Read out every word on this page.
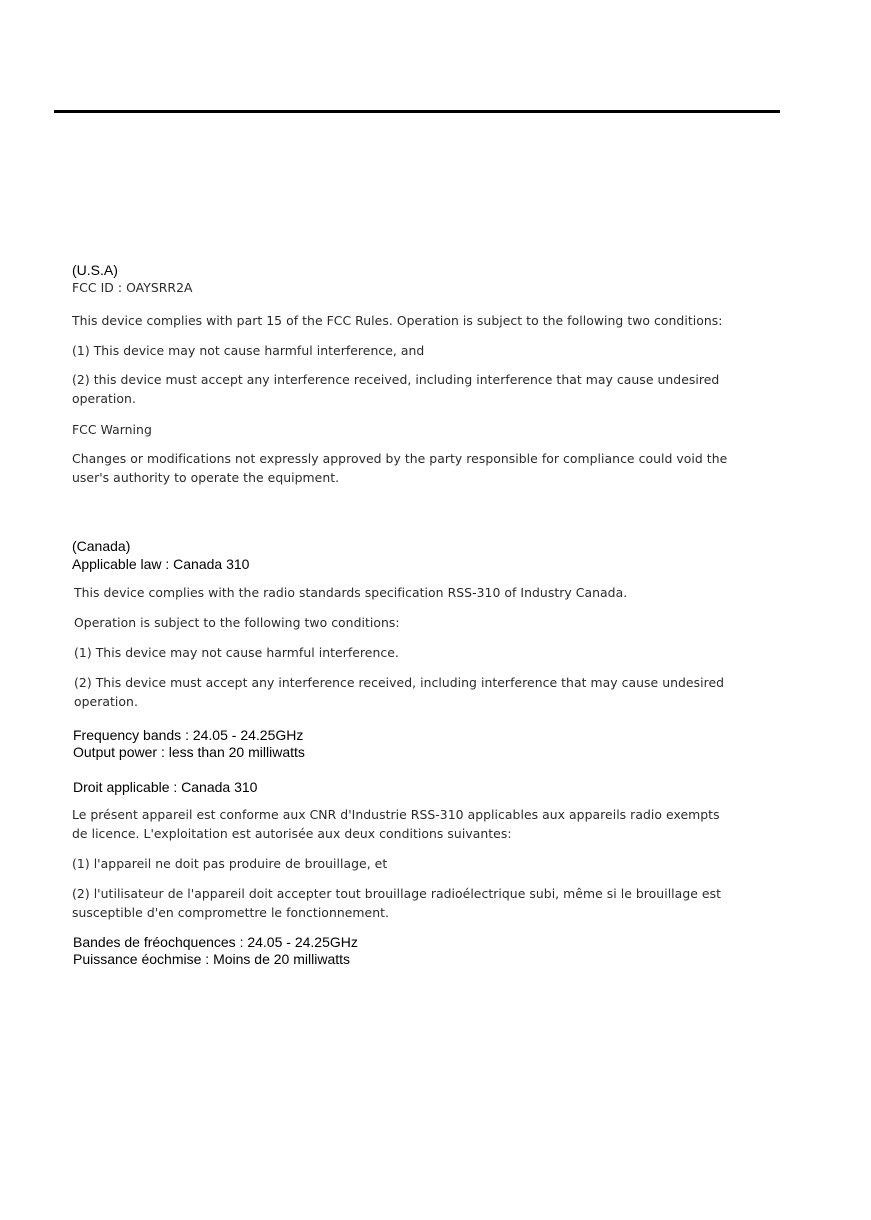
(U.S.A)
FCC ID : OAYSRR2A
This device complies with part 15 of the FCC Rules. Operation is subject to the following two conditions:
(1) This device may not cause harmful interference, and
(2) this device must accept any interference received, including interference that may cause undesired
operation.
FCC Warning
Changes or modifications not expressly approved by the party responsible for compliance could void the
user's authority to operate the equipment.
(Canada)
Applicable law : Canada 310
This device complies with the radio standards specification RSS-310 of Industry Canada.
Operation is subject to the following two conditions:
(1) This device may not cause harmful interference.
(2) This device must accept any interference received, including interference that may cause undesired
operation.
Frequency bands : 24.05 - 24.25GHz
Output power : less than 20 milliwatts
Droit applicable : Canada 310
Le présent appareil est conforme aux CNR d'Industrie RSS-310 applicables aux appareils radio exempts
de licence. L'exploitation est autorisée aux deux conditions suivantes:
(1) l'appareil ne doit pas produire de brouillage, et
(2) l'utilisateur de l'appareil doit accepter tout brouillage radioélectrique subi, même si le brouillage est
susceptible d'en compromettre le fonctionnement.
Bandes de fréochquences : 24.05 - 24.25GHz
Puissance éochmise : Moins de 20 milliwatts
